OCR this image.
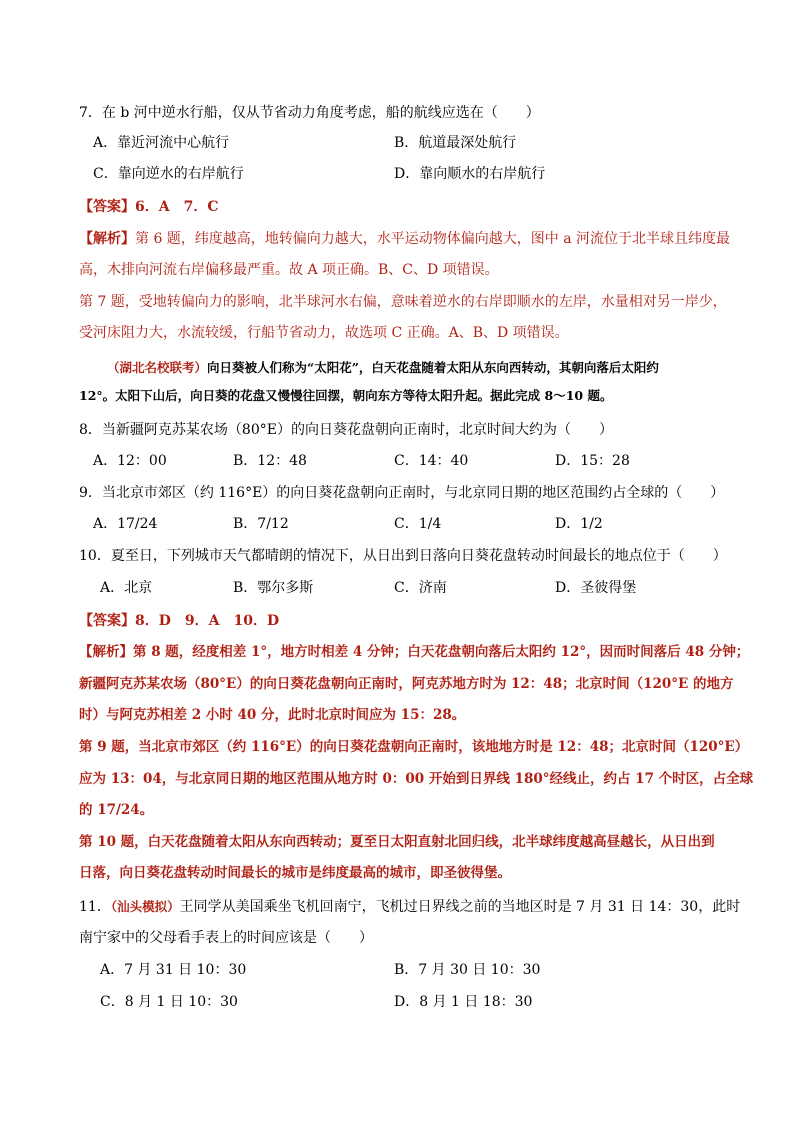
7．在 b 河中逆水行船，仅从节省动力角度考虑，船的航线应选在（　　）
A．靠近河流中心航行	B．航道最深处航行
C．靠向逆水的右岸航行	D．靠向顺水的右岸航行
【答案】6．A　7．C
【解析】第 6 题，纬度越高，地转偏向力越大，水平运动物体偏向越大，图中 a 河流位于北半球且纬度最
高，木排向河流右岸偏移最严重。故 A 项正确。B、C、D 项错误。
第 7 题，受地转偏向力的影响，北半球河水右偏，意味着逆水的右岸即顺水的左岸，水量相对另一岸少，
受河床阻力大，水流较缓，行船节省动力，故选项 C 正确。A、B、D 项错误。
（湖北名校联考）向日葵被人们称为“太阳花”，白天花盘随着太阳从东向西转动，其朝向落后太阳约
12°。太阳下山后，向日葵的花盘又慢慢往回摆，朝向东方等待太阳升起。据此完成 8～10 题。
8．当新疆阿克苏某农场（80°E）的向日葵花盘朝向正南时，北京时间大约为（　　）
A．12：00	B．12：48	C．14：40	D．15：28
9．当北京市郊区（约 116°E）的向日葵花盘朝向正南时，与北京同日期的地区范围约占全球的（　　）
A．17/24	B．7/12	C．1/4	D．1/2
10．夏至日，下列城市天气都晴朗的情况下，从日出到日落向日葵花盘转动时间最长的地点位于（　　）
A．北京	B．鄂尔多斯	C．济南	D．圣彼得堡
【答案】8．D　9．A　10．D
【解析】第 8 题，经度相差 1°，地方时相差 4 分钟；白天花盘朝向落后太阳约 12°，因而时间落后 48 分钟；
新疆阿克苏某农场（80°E）的向日葵花盘朝向正南时，阿克苏地方时为 12：48；北京时间（120°E 的地方
时）与阿克苏相差 2 小时 40 分，此时北京时间应为 15：28。
第 9 题，当北京市郊区（约 116°E）的向日葵花盘朝向正南时，该地地方时是 12：48；北京时间（120°E）
应为 13：04，与北京同日期的地区范围从地方时 0：00 开始到日界线 180°经线止，约占 17 个时区，占全球
的 17/24。
第 10 题，白天花盘随着太阳从东向西转动；夏至日太阳直射北回归线，北半球纬度越高昼越长，从日出到
日落，向日葵花盘转动时间最长的城市是纬度最高的城市，即圣彼得堡。
11．（汕头模拟）王同学从美国乘坐飞机回南宁，飞机过日界线之前的当地区时是 7 月 31 日 14：30，此时
南宁家中的父母看手表上的时间应该是（　　）
A．7 月 31 日 10：30	B．7 月 30 日 10：30
C．8 月 1 日 10：30	D．8 月 1 日 18：30
